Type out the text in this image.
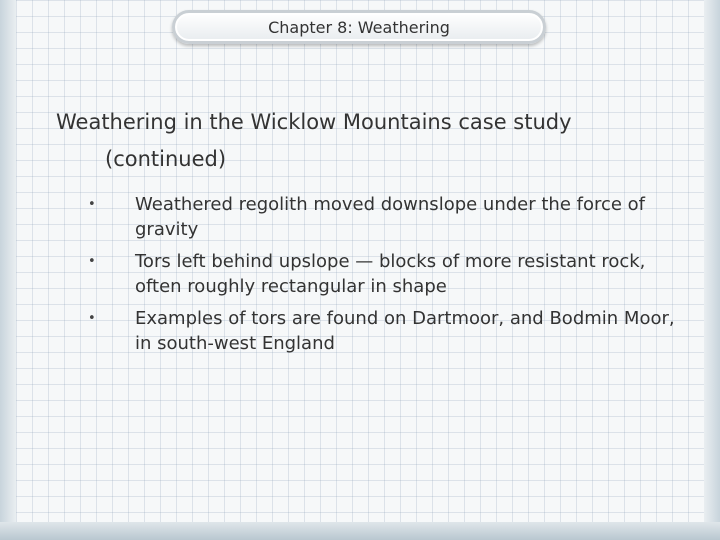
Chapter 8: Weathering
Weathering in the Wicklow Mountains case study
(continued)
• Weathered regolith moved downslope under the force of gravity
• Tors left behind upslope — blocks of more resistant rock, often roughly rectangular in shape
• Examples of tors are found on Dartmoor, and Bodmin Moor, in south-west England
